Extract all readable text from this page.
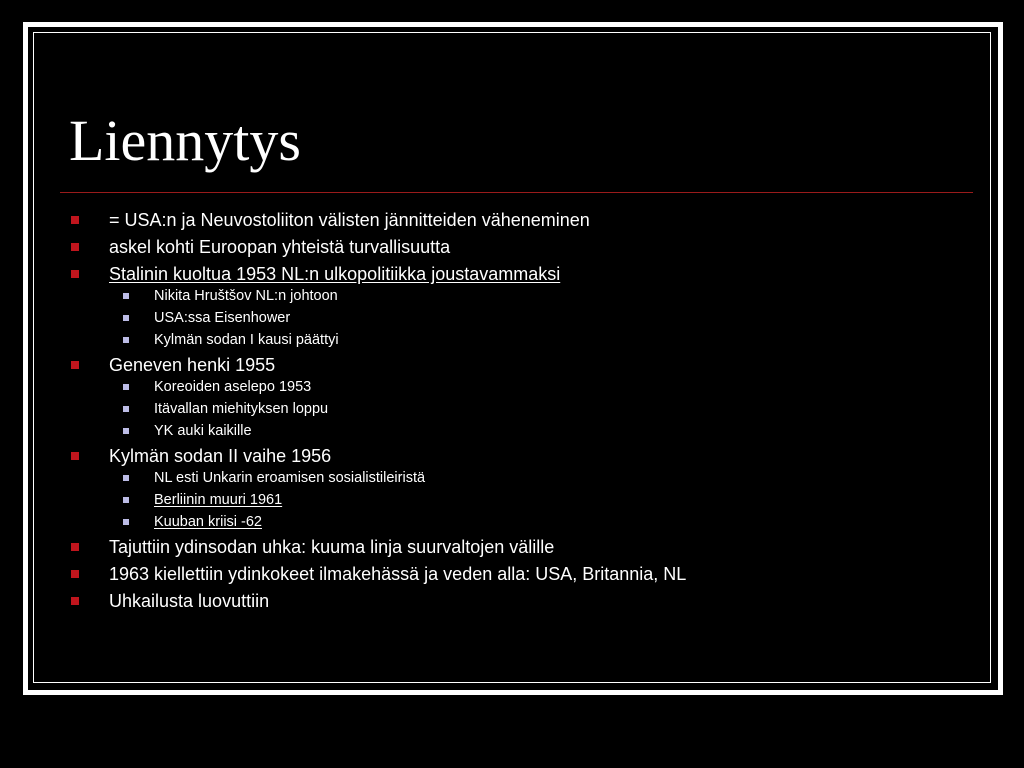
Liennytys
= USA:n ja Neuvostoliiton välisten jännitteiden väheneminen
askel kohti Euroopan yhteistä turvallisuutta
Stalinin kuoltua 1953 NL:n ulkopolitiikka joustavammaksi
Nikita Hruštšov NL:n johtoon
USA:ssa Eisenhower
Kylmän sodan I kausi päättyi
Geneven henki 1955
Koreoiden aselepo 1953
Itävallan miehityksen loppu
YK auki kaikille
Kylmän sodan II vaihe 1956
NL esti Unkarin eroamisen sosialistileiristä
Berliinin muuri 1961
Kuuban kriisi -62
Tajuttiin ydinsodan uhka: kuuma linja suurvaltojen välille
1963 kiellettiin ydinkokeet ilmakehässä ja veden alla: USA, Britannia, NL
Uhkailusta luovuttiin
